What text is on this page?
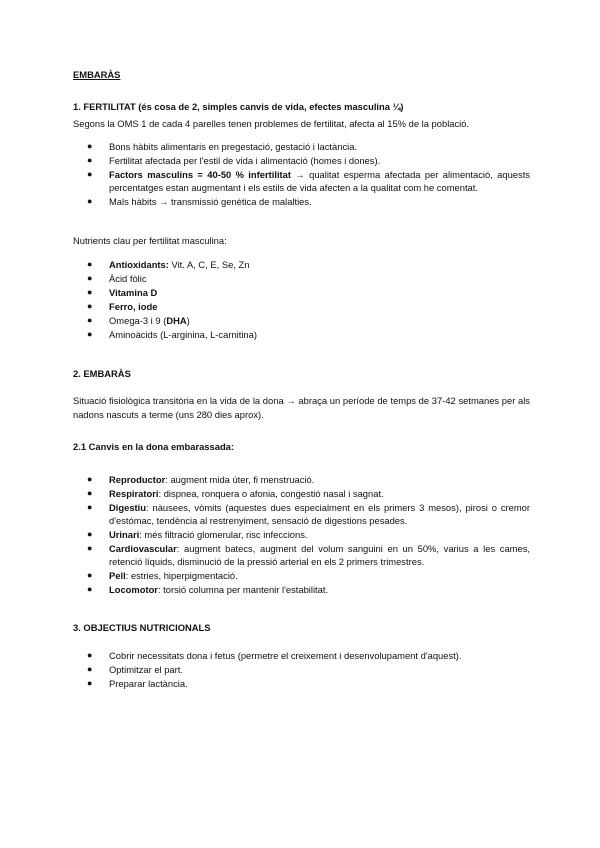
EMBARÀS

1. FERTILITAT (és cosa de 2, simples canvis de vida, efectes masculina ¼)

Segons la OMS 1 de cada 4 parelles tenen problemes de fertilitat, afecta al 15% de la població.

● Bons hàbits alimentaris en pregestació, gestació i lactància.
● Fertilitat afectada per l'estil de vida i alimentació (homes i dones).
● Factors masculins = 40-50 % infertilitat → qualitat esperma afectada per alimentació, aquests percentatges estan augmentant i els estils de vida afecten a la qualitat com he comentat.
● Mals hàbits → transmissió genètica de malalties.

Nutrients clau per fertilitat masculina:

● Antioxidants: Vit. A, C, E, Se, Zn
● Àcid fòlic
● Vitamina D
● Ferro, iode
● Omega-3 i 9 (DHA)
● Aminoàcids (L-arginina, L-carnitina)

2. EMBARÀS

Situació fisiològica transitòria en la vida de la dona → abraça un període de temps de 37-42 setmanes per als nadons nascuts a terme (uns 280 dies aprox).

2.1 Canvis en la dona embarassada:

● Reproductor: augment mida úter, fi menstruació.
● Respiratori: dispnea, ronquera o afonia, congestió nasal i sagnat.
● Digestiu: nàusees, vòmits (aquestes dues especialment en els primers 3 mesos), pirosi o cremor d'estómac, tendència al restrenyiment, sensació de digestions pesades.
● Urinari: més filtració glomerular, risc infeccions.
● Cardiovascular: augment batecs, augment del volum sanguini en un 50%, varius a les cames, retenció líquids, disminució de la pressió arterial en els 2 primers trimestres.
● Pell: estries, hiperpigmentació.
● Locomotor: torsió columna per mantenir l'estabilitat.

3. OBJECTIUS NUTRICIONALS

● Cobrir necessitats dona i fetus (permetre el creixement i desenvolupament d'aquest).
● Optimitzar el part.
● Preparar lactància.
